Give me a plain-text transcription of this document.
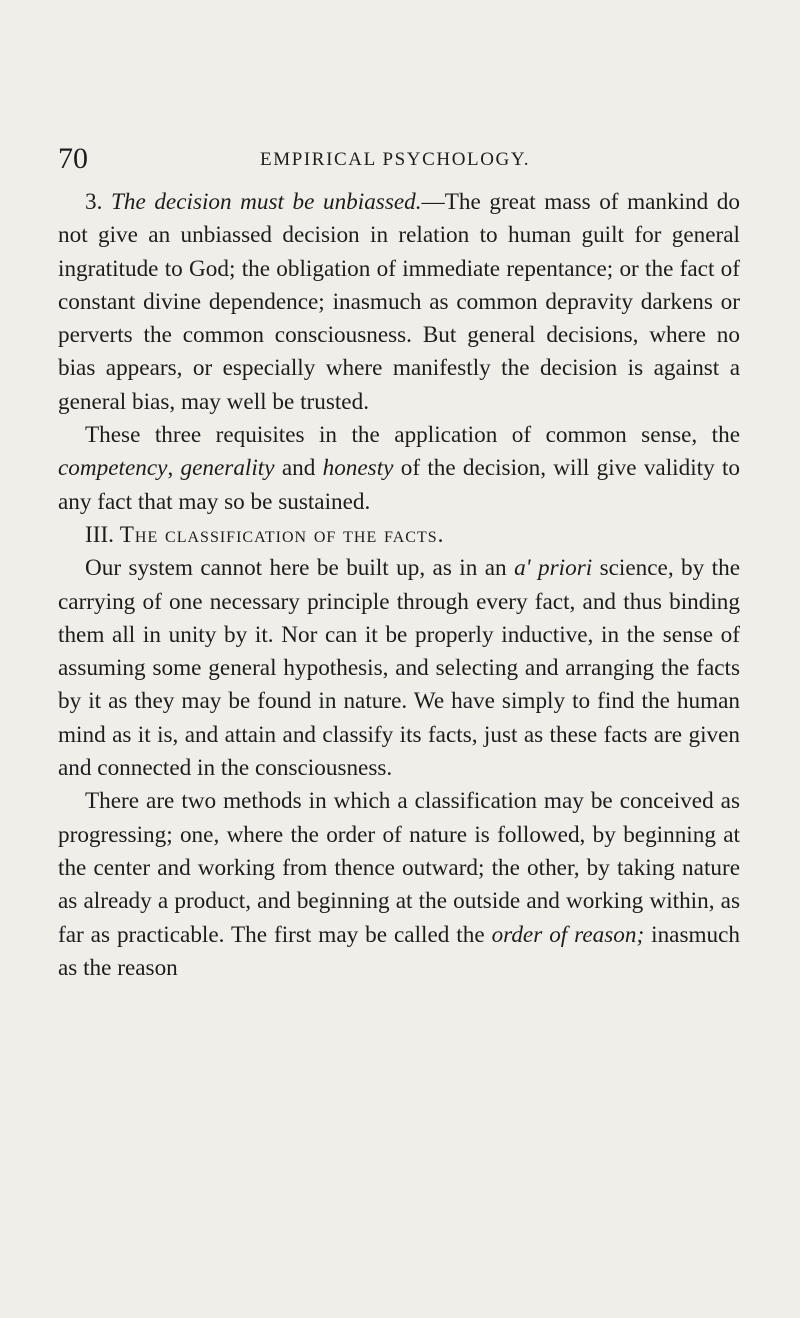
70	EMPIRICAL PSYCHOLOGY.

3. The decision must be unbiassed.—The great mass of mankind do not give an unbiassed decision in relation to human guilt for general ingratitude to God; the obligation of immediate repentance; or the fact of constant divine dependence; inasmuch as common depravity darkens or perverts the common consciousness. But general decisions, where no bias appears, or especially where manifestly the decision is against a general bias, may well be trusted.

These three requisites in the application of common sense, the competency, generality and honesty of the decision, will give validity to any fact that may so be sustained.

III. The classification of the facts.

Our system cannot here be built up, as in an a' priori science, by the carrying of one necessary principle through every fact, and thus binding them all in unity by it. Nor can it be properly inductive, in the sense of assuming some general hypothesis, and selecting and arranging the facts by it as they may be found in nature. We have simply to find the human mind as it is, and attain and classify its facts, just as these facts are given and connected in the consciousness.

There are two methods in which a classification may be conceived as progressing; one, where the order of nature is followed, by beginning at the center and working from thence outward; the other, by taking nature as already a product, and beginning at the outside and working within, as far as practicable. The first may be called the order of reason; inasmuch as the reason
